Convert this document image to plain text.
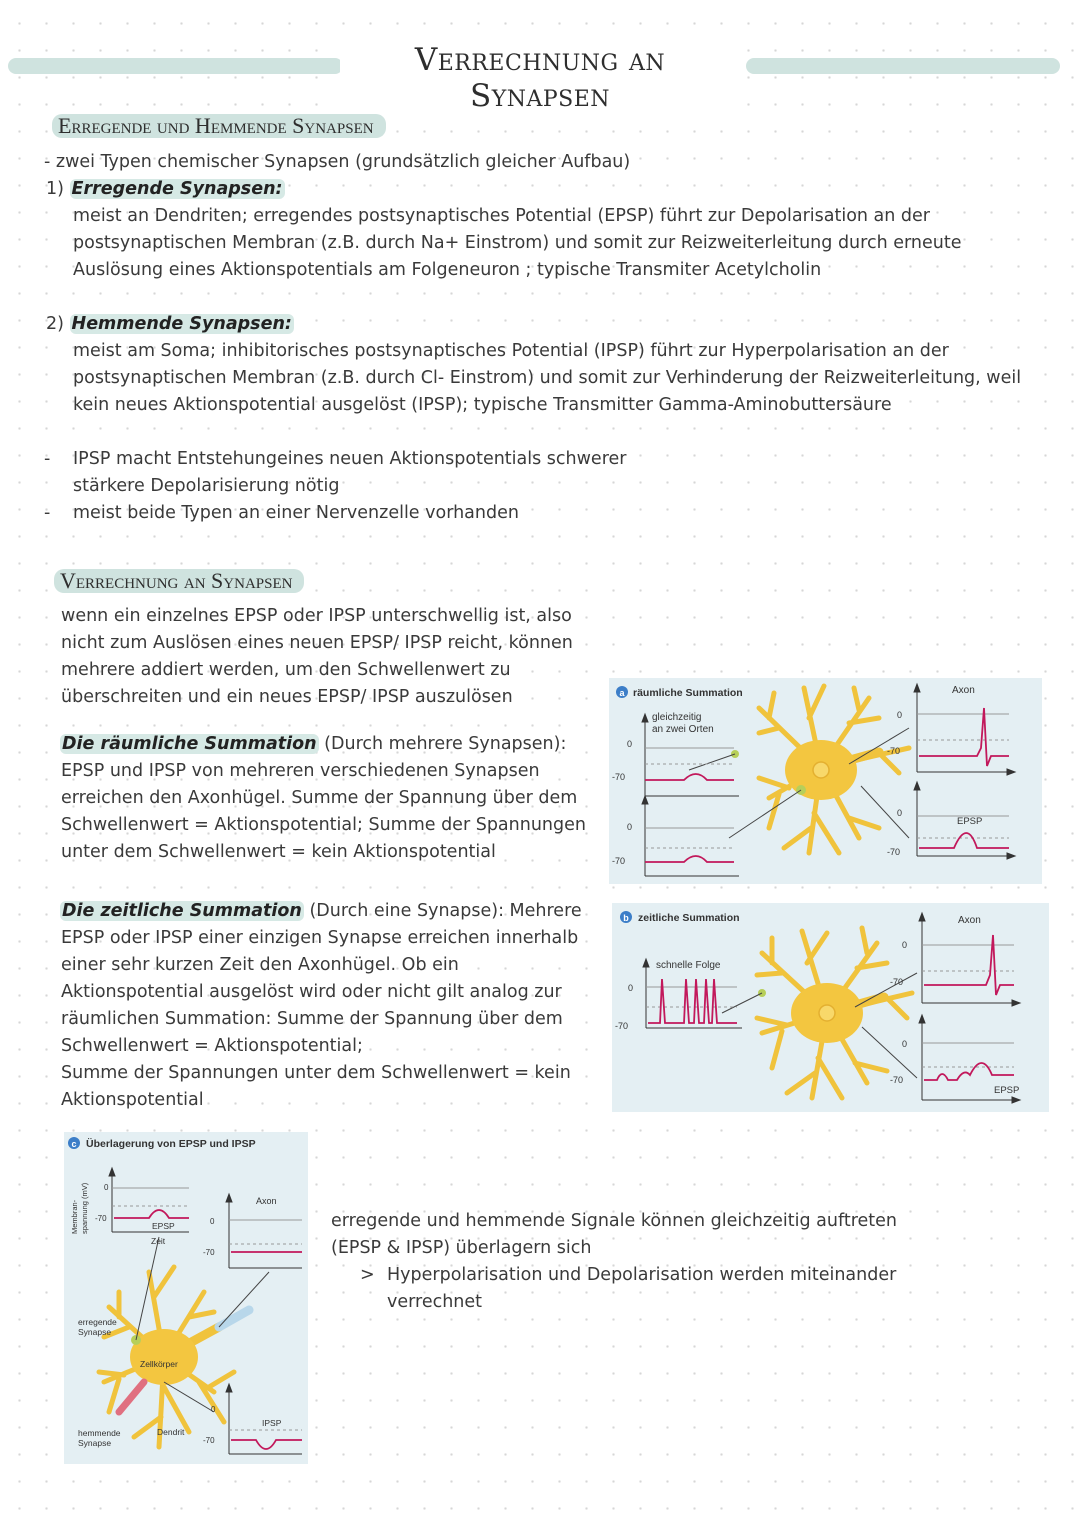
Verrechnung an Synapsen
Erregende und Hemmende Synapsen
- zwei Typen chemischer Synapsen (grundsätzlich gleicher Aufbau)
1) Erregende Synapsen:
meist an Dendriten; erregendes postsynaptisches Potential (EPSP) führt zur Depolarisation an der
postsynaptischen Membran (z.B. durch Na+ Einstrom) und somit zur Reizweiterleitung durch erneute
Auslösung eines Aktionspotentials am Folgeneuron ; typische Transmiter Acetylcholin
2) Hemmende Synapsen:
meist am Soma; inhibitorisches postsynaptisches Potential (IPSP) führt zur Hyperpolarisation an der
postsynaptischen Membran (z.B. durch Cl- Einstrom) und somit zur Verhinderung der Reizweiterleitung, weil
kein neues Aktionspotential ausgelöst (IPSP); typische Transmitter Gamma-Aminobuttersäure
- IPSP macht Entstehungeines neuen Aktionspotentials schwerer
stärkere Depolarisierung nötig
- meist beide Typen an einer Nervenzelle vorhanden
Verrechnung an Synapsen
wenn ein einzelnes EPSP oder IPSP unterschwellig ist, also
nicht zum Auslösen eines neuen EPSP/ IPSP reicht, können
mehrere addiert werden, um den Schwellenwert zu
überschreiten und ein neues EPSP/ IPSP auszulösen
Die räumliche Summation (Durch mehrere Synapsen):
EPSP und IPSP von mehreren verschiedenen Synapsen
erreichen den Axonhügel. Summe der Spannung über dem
Schwellenwert = Aktionspotential; Summe der Spannungen
unter dem Schwellenwert = kein Aktionspotential
Die zeitliche Summation (Durch eine Synapse): Mehrere
EPSP oder IPSP einer einzigen Synapse erreichen innerhalb
einer sehr kurzen Zeit den Axonhügel. Ob ein
Aktionspotential ausgelöst wird oder nicht gilt analog zur
räumlichen Summation: Summe der Spannung über dem
Schwellenwert = Aktionspotential;
Summe der Spannungen unter dem Schwellenwert = kein
Aktionspotential
erregende und hemmende Signale können gleichzeitig auftreten
(EPSP & IPSP) überlagern sich
> Hyperpolarisation und Depolarisation werden miteinander
verrechnet
a räumliche Summation
gleichzeitig
an zwei Orten
0
-70
0
-70
0
-70
0
-70
Axon
EPSP
b zeitliche Summation
schnelle Folge
0
-70
0
-70
0
-70
Axon
EPSP
c Überlagerung von EPSP und IPSP
Membran- spannung (mV) 0
-70
EPSP
Zeit
Axon
0
-70
0
-70
IPSP
erregende
Synapse
Zellkörper
hemmende
Synapse
Dendrit
